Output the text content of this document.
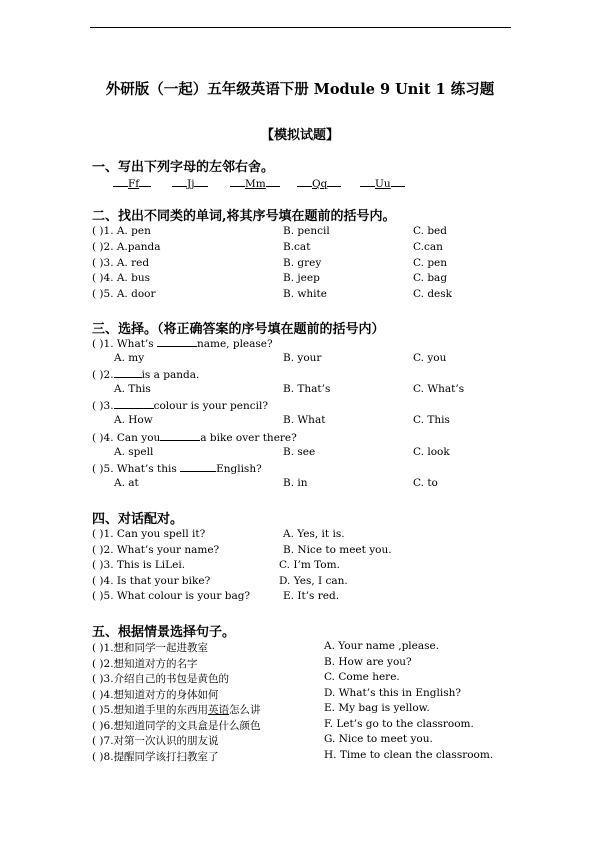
外研版（一起）五年级英语下册 Module 9 Unit 1 练习题
【模拟试题】
一、写出下列字母的左邻右舍。
Ff	Jj	Mm	Qq	Uu
二、找出不同类的单词,将其序号填在题前的括号内。
( )1. A. pen	B. pencil	C. bed
( )2. A.panda	B.cat	C.can
( )3. A. red	B. grey	C. pen
( )4. A. bus	B. jeep	C. bag
( )5. A. door	B. white	C. desk
三、选择。（将正确答案的序号填在题前的括号内）
( )1. What’s	name, please?
A. my	B. your	C. you
( )2.	is a panda.
A. This	B. That’s	C. What’s
( )3.	colour is your pencil?
A. How	B. What	C. This
( )4. Can you	a bike over there?
A. spell	B. see	C. look
( )5. What’s this	English?
A. at	B. in	C. to
四、对话配对。
( )1. Can you spell it?	A. Yes, it is.
( )2. What’s your name?	B. Nice to meet you.
( )3. This is LiLei.	C. I’m Tom.
( )4. Is that your bike?	D. Yes, I can.
( )5. What colour is your bag?	E. It’s red.
五、根据情景选择句子。
( )1.想和同学一起进教室	A. Your name ,please.
( )2.想知道对方的名字	B. How are you?
( )3.介绍自己的书包是黄色的	C. Come here.
( )4.想知道对方的身体如何	D. What’s this in English?
( )5.想知道手里的东西用英语怎么讲	E. My bag is yellow.
( )6.想知道同学的文具盒是什么颜色	F. Let’s go to the classroom.
( )7.对第一次认识的朋友说	G. Nice to meet you.
( )8.提醒同学该打扫教室了	H. Time to clean the classroom.
